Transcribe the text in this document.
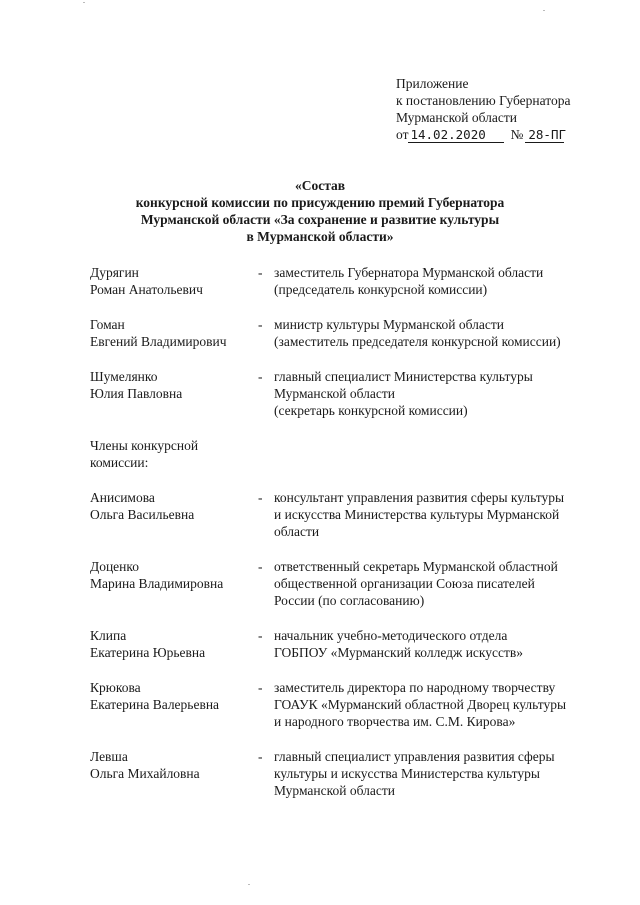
Приложение
к постановлению Губернатора
Мурманской области
от 14.02.2020	№ 28-ПГ
«Состав
конкурсной комиссии по присуждению премий Губернатора
Мурманской области «За сохранение и развитие культуры
в Мурманской области»
Дурягин
Роман Анатольевич
- заместитель Губернатора Мурманской области
(председатель конкурсной комиссии)
Гоман
Евгений Владимирович
- министр культуры Мурманской области
(заместитель председателя конкурсной комиссии)
Шумелянко
Юлия Павловна
- главный специалист Министерства культуры
Мурманской области
(секретарь конкурсной комиссии)
Члены конкурсной
комиссии:
Анисимова
Ольга Васильевна
- консультант управления развития сферы культуры
и искусства Министерства культуры Мурманской
области
Доценко
Марина Владимировна
- ответственный секретарь Мурманской областной
общественной организации Союза писателей
России (по согласованию)
Клипа
Екатерина Юрьевна
- начальник учебно-методического отдела
ГОБПОУ «Мурманский колледж искусств»
Крюкова
Екатерина Валерьевна
- заместитель директора по народному творчеству
ГОАУК «Мурманский областной Дворец культуры
и народного творчества им. С.М. Кирова»
Левша
Ольга Михайловна
- главный специалист управления развития сферы
культуры и искусства Министерства культуры
Мурманской области
